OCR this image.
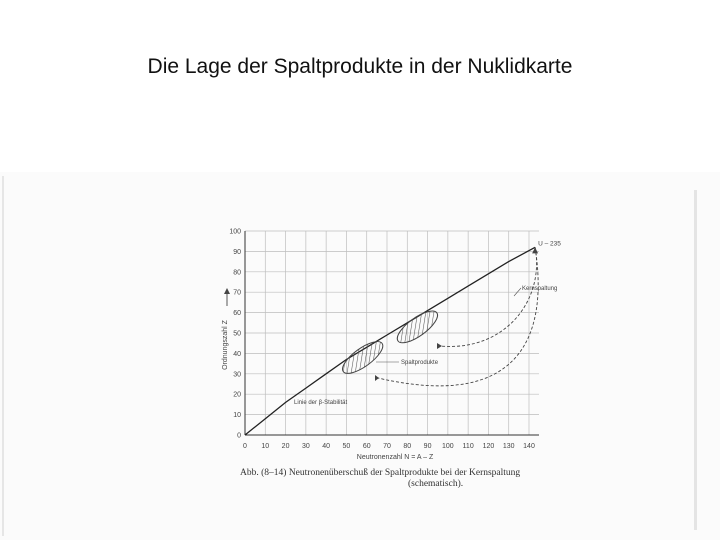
Die Lage der Spaltprodukte in der Nuklidkarte
0 10 20 30 40 50 60 70 80 90 100 110 120 130 140
0
10
20
30
40
50
60
70
80
90
100
Neutronenzahl N = A – Z
Ordnungszahl Z
U – 235
Kernspaltung
Spaltprodukte
Linie der β-Stabilität
Abb. (8–14) Neutronenüberschuß der Spaltprodukte bei der Kernspaltung
(schematisch).
